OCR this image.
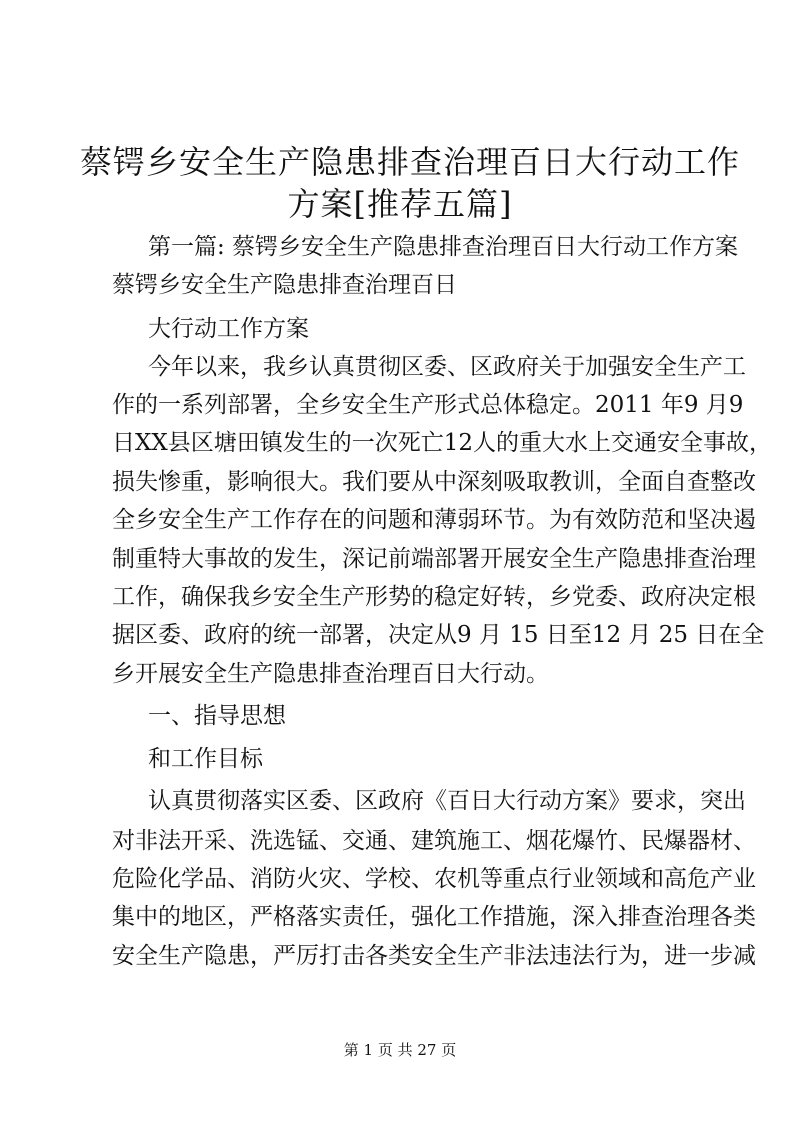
蔡锷乡安全生产隐患排查治理百日大行动工作
方案[推荐五篇]
第一篇: 蔡锷乡安全生产隐患排查治理百日大行动工作方案
蔡锷乡安全生产隐患排查治理百日
大行动工作方案
今年以来，我乡认真贯彻区委、区政府关于加强安全生产工
作的一系列部署，全乡安全生产形式总体稳定。2011 年9 月9
日XX县区塘田镇发生的一次死亡12人的重大水上交通安全事故，
损失惨重，影响很大。我们要从中深刻吸取教训，全面自查整改
全乡安全生产工作存在的问题和薄弱环节。为有效防范和坚决遏
制重特大事故的发生，深记前端部署开展安全生产隐患排查治理
工作，确保我乡安全生产形势的稳定好转，乡党委、政府决定根
据区委、政府的统一部署，决定从9 月 15 日至12 月 25 日在全
乡开展安全生产隐患排查治理百日大行动。
一、指导思想
和工作目标
认真贯彻落实区委、区政府《百日大行动方案》要求，突出
对非法开采、洗选锰、交通、建筑施工、烟花爆竹、民爆器材、
危险化学品、消防火灾、学校、农机等重点行业领域和高危产业
集中的地区，严格落实责任，强化工作措施，深入排查治理各类
安全生产隐患，严厉打击各类安全生产非法违法行为，进一步减
第 1 页 共 27 页
